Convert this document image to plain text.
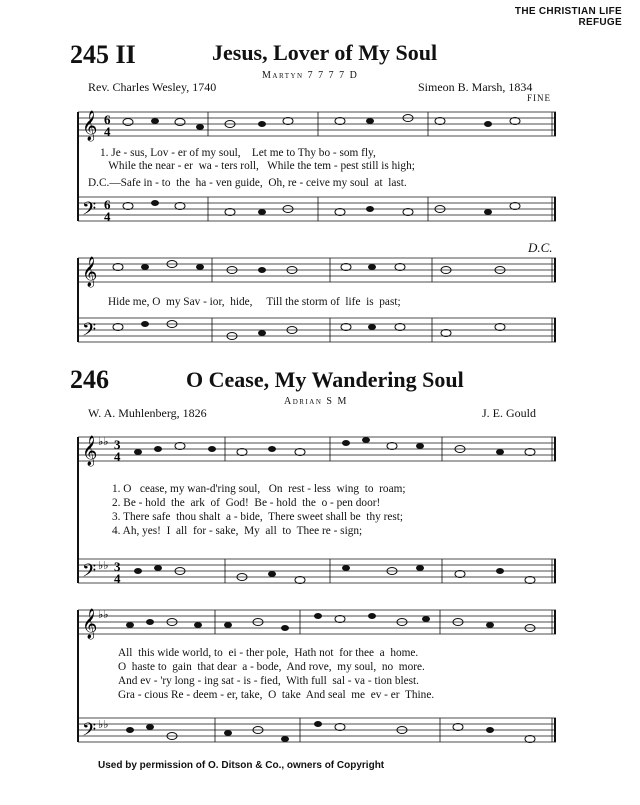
THE CHRISTIAN LIFE
REFUGE
245 II	Jesus, Lover of My Soul
Martyn 7 7 7 7 D
Rev. Charles Wesley, 1740	Simeon B. Marsh, 1834
FINE
𝄞
𝄢
6
4
6
4
1. Je - sus, Lov - er of my soul,    Let me to Thy bo - som fly,
While the near - er  wa - ters roll,   While the tem - pest still is high;
D.C.—Safe in - to  the  ha - ven guide,  Oh, re - ceive my soul  at  last.
D.C.
𝄞
𝄢
Hide me, O  my Sav - ior,  hide,     Till the storm of  life  is  past;
246	O Cease, My Wandering Soul
Adrian S M
W. A. Muhlenberg, 1826	J. E. Gould
𝄞
𝄢
♭♭
♭♭
3
4
3
4
1. O   cease, my wan-d'ring soul,   On  rest - less  wing  to  roam;
2. Be - hold  the  ark  of  God!  Be - hold  the  o - pen door!
3. There safe  thou shalt  a - bide,  There sweet shall be  thy rest;
4. Ah, yes!  I  all  for - sake,  My  all  to  Thee re - sign;
𝄞
𝄢
♭♭
♭♭
All  this wide world, to  ei - ther pole,  Hath not  for thee  a  home.
O  haste to  gain  that dear  a - bode,  And rove,  my soul,  no  more.
And ev - 'ry long - ing sat - is - fied,  With full  sal - va - tion blest.
Gra - cious Re - deem - er, take,  O  take  And seal  me  ev - er  Thine.
Used by permission of O. Ditson & Co., owners of Copyright
